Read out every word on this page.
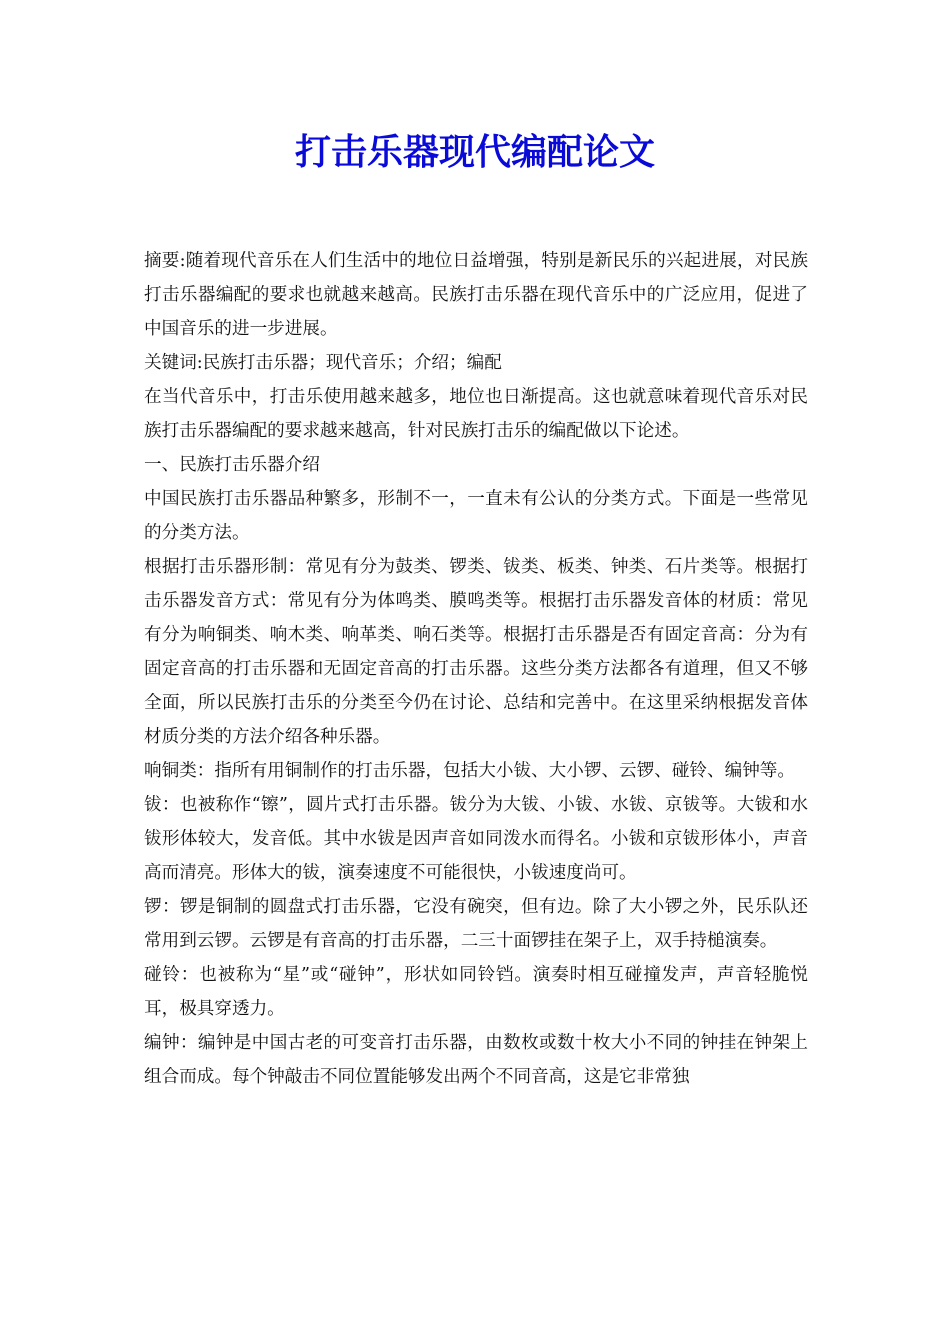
打击乐器现代编配论文

摘要:随着现代音乐在人们生活中的地位日益增强，特别是新民乐的兴起进展，对民族打击乐器编配的要求也就越来越高。民族打击乐器在现代音乐中的广泛应用，促进了中国音乐的进一步进展。

关键词:民族打击乐器；现代音乐；介绍；编配

在当代音乐中，打击乐使用越来越多，地位也日渐提高。这也就意味着现代音乐对民族打击乐器编配的要求越来越高，针对民族打击乐的编配做以下论述。

一、民族打击乐器介绍

中国民族打击乐器品种繁多，形制不一，一直未有公认的分类方式。下面是一些常见的分类方法。

根据打击乐器形制：常见有分为鼓类、锣类、钹类、板类、钟类、石片类等。根据打击乐器发音方式：常见有分为体鸣类、膜鸣类等。根据打击乐器发音体的材质：常见有分为响铜类、响木类、响革类、响石类等。根据打击乐器是否有固定音高：分为有固定音高的打击乐器和无固定音高的打击乐器。这些分类方法都各有道理，但又不够全面，所以民族打击乐的分类至今仍在讨论、总结和完善中。在这里采纳根据发音体材质分类的方法介绍各种乐器。

响铜类：指所有用铜制作的打击乐器，包括大小钹、大小锣、云锣、碰铃、编钟等。

钹：也被称作“镲”，圆片式打击乐器。钹分为大钹、小钹、水钹、京钹等。大钹和水钹形体较大，发音低。其中水钹是因声音如同泼水而得名。小钹和京钹形体小，声音高而清亮。形体大的钹，演奏速度不可能很快，小钹速度尚可。

锣：锣是铜制的圆盘式打击乐器，它没有碗突，但有边。除了大小锣之外，民乐队还常用到云锣。云锣是有音高的打击乐器，二三十面锣挂在架子上，双手持槌演奏。

碰铃：也被称为“星”或“碰钟”，形状如同铃铛。演奏时相互碰撞发声，声音轻脆悦耳，极具穿透力。

编钟：编钟是中国古老的可变音打击乐器，由数枚或数十枚大小不同的钟挂在钟架上组合而成。每个钟敲击不同位置能够发出两个不同音高，这是它非常独
